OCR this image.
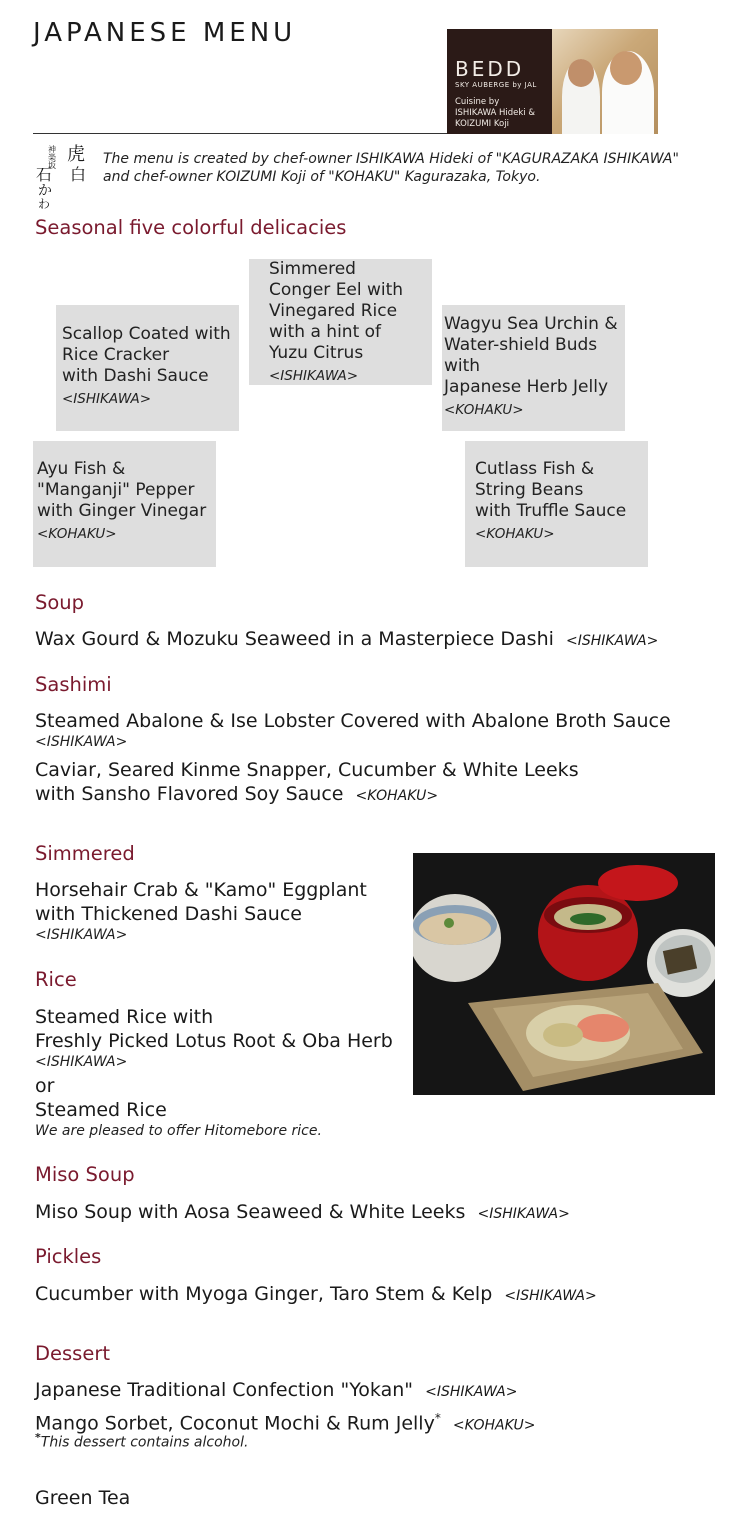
JAPANESE MENU
BEDD
SKY AUBERGE by JAL
Cuisine by
ISHIKAWA Hideki &
KOIZUMI Koji
神 虎
楽
白
石
坂
か
わ
The menu is created by chef-owner ISHIKAWA Hideki of "KAGURAZAKA ISHIKAWA" and chef-owner KOIZUMI Koji of "KOHAKU" Kagurazaka, Tokyo.
Seasonal five colorful delicacies
Scallop Coated with
Rice Cracker
with Dashi Sauce
<ISHIKAWA>
Simmered
Conger Eel with
Vinegared Rice
with a hint of
Yuzu Citrus
<ISHIKAWA>
Wagyu Sea Urchin &
Water-shield Buds
with
Japanese Herb Jelly
<KOHAKU>
Ayu Fish &
"Manganji" Pepper
with Ginger Vinegar
<KOHAKU>
Cutlass Fish &
String Beans
with Truffle Sauce
<KOHAKU>
Soup
Wax Gourd & Mozuku Seaweed in a Masterpiece Dashi <ISHIKAWA>
Sashimi
Steamed Abalone & Ise Lobster Covered with Abalone Broth Sauce
<ISHIKAWA>
Caviar, Seared Kinme Snapper, Cucumber & White Leeks
with Sansho Flavored Soy Sauce <KOHAKU>
Simmered
Horsehair Crab & "Kamo" Eggplant
with Thickened Dashi Sauce
<ISHIKAWA>
Rice
Steamed Rice with
Freshly Picked Lotus Root & Oba Herb
<ISHIKAWA>
or
Steamed Rice
We are pleased to offer Hitomebore rice.
Miso Soup
Miso Soup with Aosa Seaweed & White Leeks <ISHIKAWA>
Pickles
Cucumber with Myoga Ginger, Taro Stem & Kelp <ISHIKAWA>
Dessert
Japanese Traditional Confection "Yokan" <ISHIKAWA>
Mango Sorbet, Coconut Mochi & Rum Jelly* <KOHAKU>
*This dessert contains alcohol.
Green Tea
